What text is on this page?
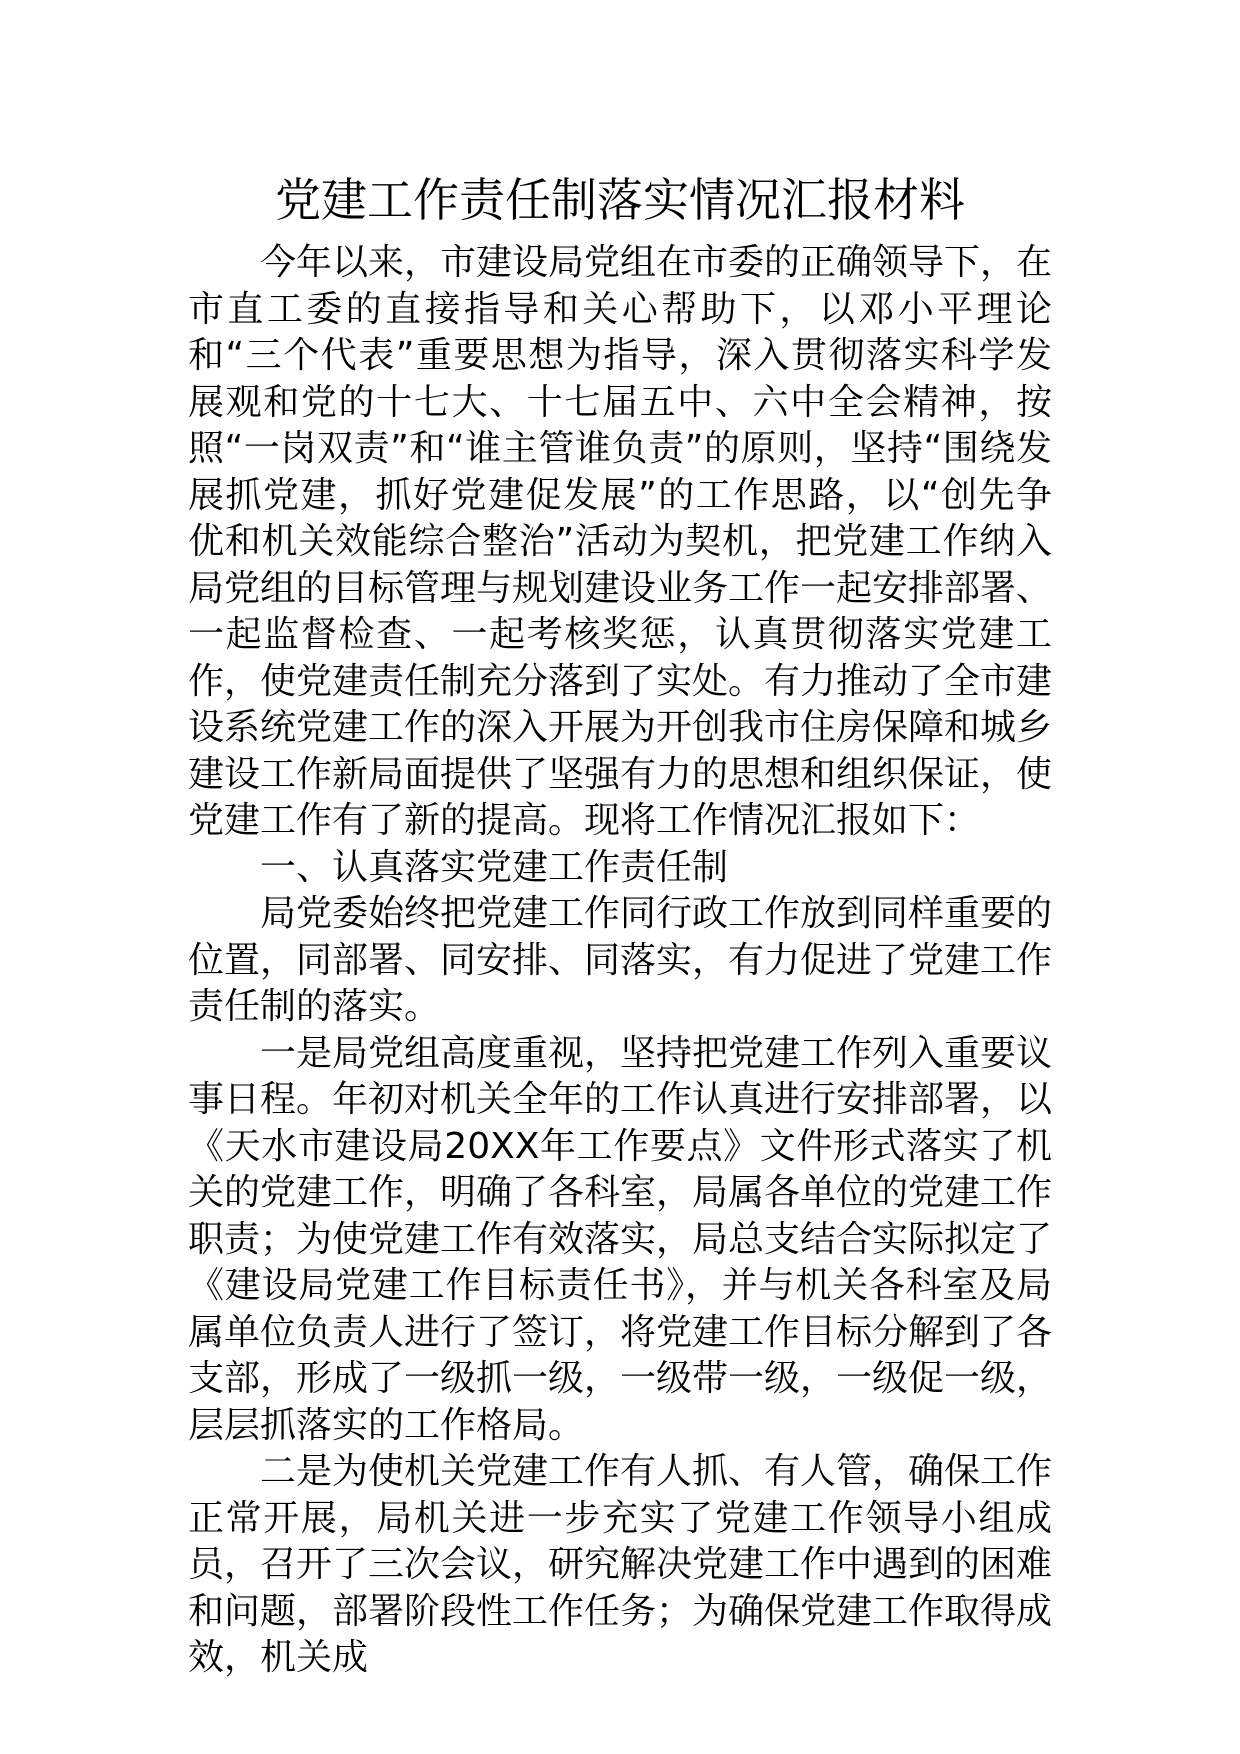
党建工作责任制落实情况汇报材料

今年以来，市建设局党组在市委的正确领导下，在市直工委的直接指导和关心帮助下，以邓小平理论和“三个代表”重要思想为指导，深入贯彻落实科学发展观和党的十七大、十七届五中、六中全会精神，按照“一岗双责”和“谁主管谁负责”的原则，坚持“围绕发展抓党建，抓好党建促发展”的工作思路，以“创先争优和机关效能综合整治”活动为契机，把党建工作纳入局党组的目标管理与规划建设业务工作一起安排部署、一起监督检查、一起考核奖惩，认真贯彻落实党建工作，使党建责任制充分落到了实处。有力推动了全市建设系统党建工作的深入开展为开创我市住房保障和城乡建设工作新局面提供了坚强有力的思想和组织保证，使党建工作有了新的提高。现将工作情况汇报如下：

一、认真落实党建工作责任制

局党委始终把党建工作同行政工作放到同样重要的位置，同部署、同安排、同落实，有力促进了党建工作责任制的落实。

一是局党组高度重视，坚持把党建工作列入重要议事日程。年初对机关全年的工作认真进行安排部署，以《天水市建设局20XX年工作要点》文件形式落实了机关的党建工作，明确了各科室，局属各单位的党建工作职责；为使党建工作有效落实，局总支结合实际拟定了《建设局党建工作目标责任书》，并与机关各科室及局属单位负责人进行了签订，将党建工作目标分解到了各支部，形成了一级抓一级，一级带一级，一级促一级，层层抓落实的工作格局。

二是为使机关党建工作有人抓、有人管，确保工作正常开展，局机关进一步充实了党建工作领导小组成员，召开了三次会议，研究解决党建工作中遇到的困难和问题，部署阶段性工作任务；为确保党建工作取得成效，机关成
